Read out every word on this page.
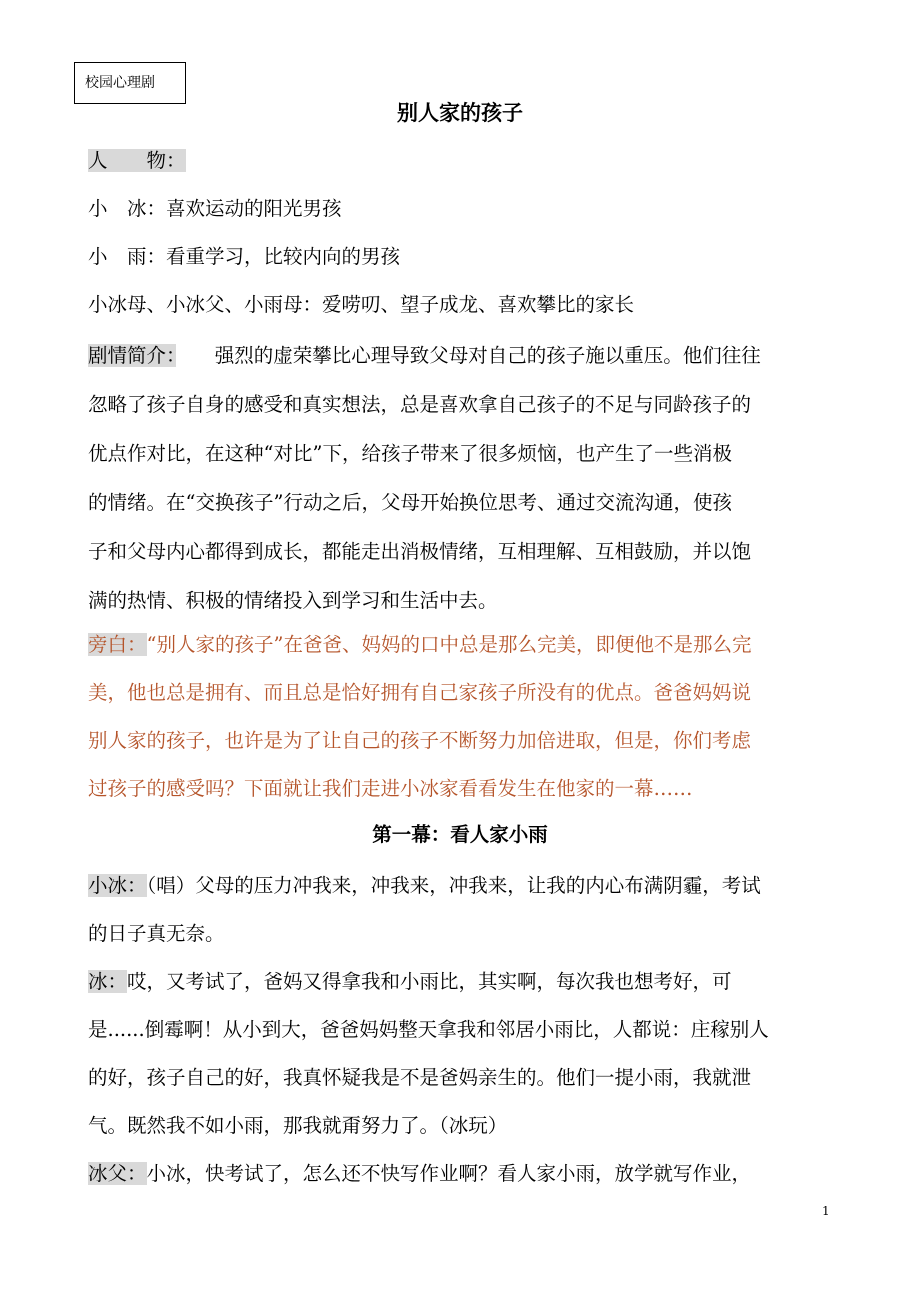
校园心理剧
别人家的孩子

人　　物：

小　冰：喜欢运动的阳光男孩

小　雨：看重学习，比较内向的男孩

小冰母、小冰父、小雨母：爱唠叨、望子成龙、喜欢攀比的家长

剧情简介：　　强烈的虚荣攀比心理导致父母对自己的孩子施以重压。他们往往

忽略了孩子自身的感受和真实想法，总是喜欢拿自己孩子的不足与同龄孩子的

优点作对比，在这种“对比”下，给孩子带来了很多烦恼，也产生了一些消极

的情绪。在“交换孩子”行动之后，父母开始换位思考、通过交流沟通，使孩

子和父母内心都得到成长，都能走出消极情绪，互相理解、互相鼓励，并以饱

满的热情、积极的情绪投入到学习和生活中去。

旁白：“别人家的孩子”在爸爸、妈妈的口中总是那么完美，即便他不是那么完

美，他也总是拥有、而且总是恰好拥有自己家孩子所没有的优点。爸爸妈妈说

别人家的孩子，也许是为了让自己的孩子不断努力加倍进取，但是，你们考虑

过孩子的感受吗？下面就让我们走进小冰家看看发生在他家的一幕……

第一幕：看人家小雨

小冰：（唱）父母的压力冲我来，冲我来，冲我来，让我的内心布满阴霾，考试

的日子真无奈。

冰：哎，又考试了，爸妈又得拿我和小雨比，其实啊，每次我也想考好，可

是......倒霉啊！从小到大，爸爸妈妈整天拿我和邻居小雨比，人都说：庄稼别人

的好，孩子自己的好，我真怀疑我是不是爸妈亲生的。他们一提小雨，我就泄

气。既然我不如小雨，那我就甭努力了。（冰玩）

冰父：小冰，快考试了，怎么还不快写作业啊？看人家小雨，放学就写作业，

1
